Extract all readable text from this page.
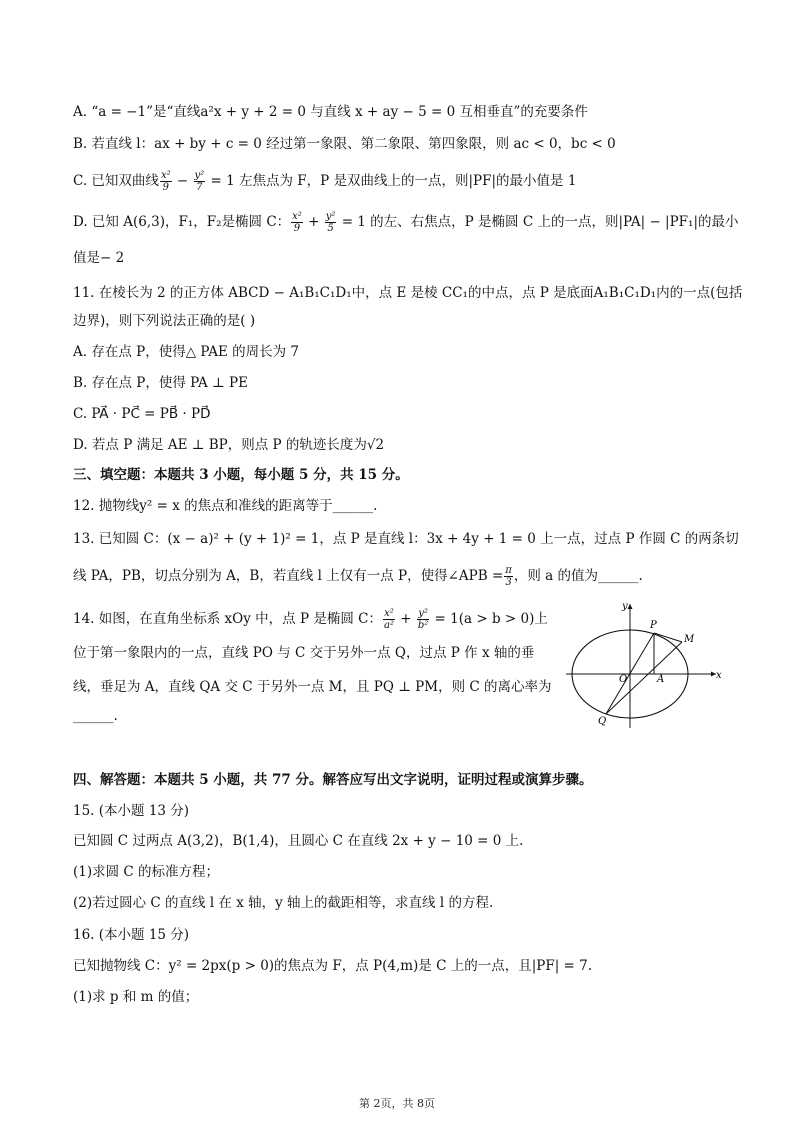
A. “a = −1”是“直线a²x + y + 2 = 0 与直线 x + ay − 5 = 0 互相垂直”的充要条件
B. 若直线 l：ax + by + c = 0 经过第一象限、第二象限、第四象限，则 ac < 0，bc < 0
C. 已知双曲线 $\frac{\text{x²}}{9} - \frac{\text{y²}}{7} = 1$ 左焦点为 F，P 是双曲线上的一点，则|PF|的最小值是 1
D. 已知 A(6,3)，F₁，F₂是椭圆 C： $\frac{\text{x²}}{9} + \frac{\text{y²}}{5} = 1$ 的左、右焦点，P 是椭圆 C 上的一点，则|PA| − |PF₁|的最小
值是− 2
11. 在棱长为 2 的正方体 ABCD − A₁B₁C₁D₁中，点 E 是棱 CC₁的中点，点 P 是底面A₁B₁C₁D₁内的一点(包括
边界)，则下列说法正确的是( )
A. 存在点 P，使得△ PAE 的周长为 7
B. 存在点 P，使得 PA ⊥ PE
C. PA⃗ · PC⃗ = PB⃗ · PD⃗
D. 若点 P 满足 AE ⊥ BP，则点 P 的轨迹长度为√2
三、填空题：本题共 3 小题，每小题 5 分，共 15 分。
12. 抛物线y² = x 的焦点和准线的距离等于______.
13. 已知圆 C：(x − a)² + (y + 1)² = 1，点 P 是直线 l：3x + 4y + 1 = 0 上一点，过点 P 作圆 C 的两条切
线 PA，PB，切点分别为 A，B，若直线 l 上仅有一点 P，使得∠APB = $\frac{\pi}{3}$ ，则 a 的值为______.
14. 如图，在直角坐标系 xOy 中，点 P 是椭圆 C： $\frac{\text{x²}}{\text{a²}} + \frac{\text{y²}}{\text{b²}} = 1(a > b > 0)$上
位于第一象限内的一点，直线 PO 与 C 交于另外一点 Q，过点 P 作 x 轴的垂
线，垂足为 A，直线 QA 交 C 于另外一点 M，且 PQ ⊥ PM，则 C 的离心率为
______.
y
x
P
M
O	A
Q
四、解答题：本题共 5 小题，共 77 分。解答应写出文字说明，证明过程或演算步骤。
15. (本小题 13 分)
已知圆 C 过两点 A(3,2)，B(1,4)，且圆心 C 在直线 2x + y − 10 = 0 上.
(1)求圆 C 的标准方程；
(2)若过圆心 C 的直线 l 在 x 轴，y 轴上的截距相等，求直线 l 的方程.
16. (本小题 15 分)
已知抛物线 C：y² = 2px(p > 0)的焦点为 F，点 P(4,m)是 C 上的一点，且|PF| = 7.
(1)求 p 和 m 的值；
第 2页，共 8页
